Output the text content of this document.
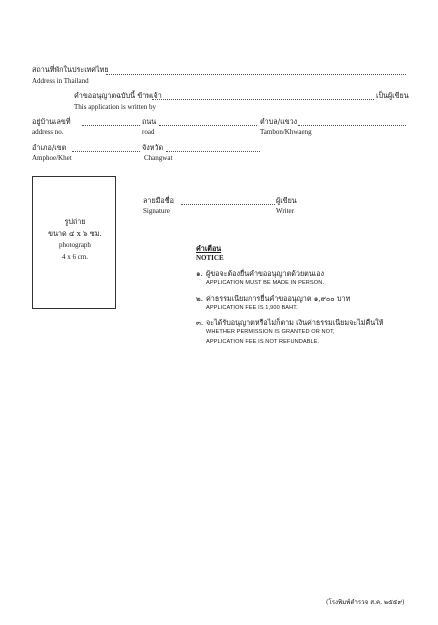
สถานที่พักในประเทศไทย
Address in Thailand
คำขออนุญาตฉบับนี้ ข้าพเจ้า	เป็นผู้เขียน
This application is written by
อยู่บ้านเลขที่
address no.
ถนน
road
ตำบล/แขวง
Tambon/Khwaeng
อำเภอ/เขต
Amphoe/Khet
จังหวัด
Changwat
รูปถ่าย
ขนาด ๔ x ๖ ซม.
photograph
4 x 6 cm.
ลายมือชื่อ	ผู้เขียน
Signature	Writer
คำเตือน
NOTICE
๑. ผู้ขอจะต้องยื่นคำขออนุญาตด้วยตนเอง
APPLICATION MUST BE MADE IN PERSON.
๒. ค่าธรรมเนียมการยื่นคำขออนุญาต ๑,๙๐๐ บาท
APPLICATION FEE IS 1,900 BAHT.
๓. จะได้รับอนุญาตหรือไม่ก็ตาม เงินค่าธรรมเนียมจะไม่คืนให้
WHETHER PERMISSION IS GRANTED OR NOT,
APPLICATION FEE IS NOT REFUNDABLE.
(โรงพิมพ์ตำรวจ ส.ค. ๒๕๕๙)
